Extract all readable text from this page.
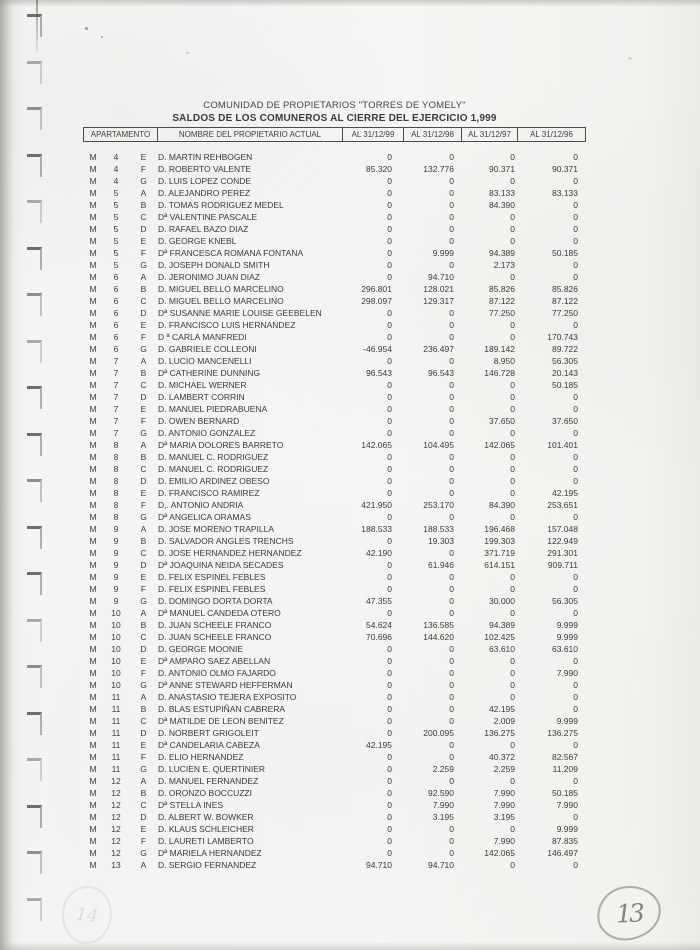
COMUNIDAD DE PROPIETARIOS "TORRES DE YOMELY"
SALDOS DE LOS COMUNEROS AL CIERRE DEL EJERCICIO 1,999
APARTAMENTO	NOMBRE DEL PROPIETARIO ACTUAL	AL 31/12/99	AL 31/12/98	AL 31/12/97	AL 31/12/96
M	4	E	D. MARTIN REHBOGEN	0	0	0	0
M	4	F	D. ROBERTO VALENTE	85.320	132.776	90.371	90.371
M	4	G	D. LUIS LOPEZ CONDE	0	0	0	0
M	5	A	D. ALEJANDRO PEREZ	0	0	83.133	83.133
M	5	B	D. TOMAS RODRIGUEZ MEDEL	0	0	84.390	0
M	5	C	Dª VALENTINE PASCALE	0	0	0	0
M	5	D	D. RAFAEL BAZO DIAZ	0	0	0	0
M	5	E	D. GEORGE KNEBL	0	0	0	0
M	5	F	Dª FRANCESCA ROMANA FONTANA	0	9.999	94.389	50.185
M	5	G	D. JOSEPH DONALD SMITH	0	0	2.173	0
M	6	A	D. JERONIMO JUAN DIAZ	0	94.710	0	0
M	6	B	D. MIGUEL BELLO MARCELINO	296.801	128.021	85.826	85.826
M	6	C	D. MIGUEL BELLO MARCELINO	298.097	129.317	87.122	87.122
M	6	D	Dª SUSANNE MARIE LOUISE GEEBELEN	0	0	77.250	77.250
M	6	E	D. FRANCISCO LUIS HERNANDEZ	0	0	0	0
M	6	F	D ª CARLA MANFREDI	0	0	0	170.743
M	6	G	D. GABRIELE COLLEONI	-46.954	236.497	189.142	89.722
M	7	A	D. LUCIO MANCENELLI	0	0	8.950	56.305
M	7	B	Dª CATHERINE DUNNING	96.543	96.543	146.728	20.143
M	7	C	D. MICHAEL WERNER	0	0	0	50.185
M	7	D	D. LAMBERT CORRIN	0	0	0	0
M	7	E	D. MANUEL PIEDRABUENA	0	0	0	0
M	7	F	D. OWEN BERNARD	0	0	37.650	37.650
M	7	G	D. ANTONIO GONZALEZ	0	0	0	0
M	8	A	Dª MARIA DOLORES BARRETO	142.065	104.495	142.065	101.401
M	8	B	D. MANUEL C. RODRIGUEZ	0	0	0	0
M	8	C	D. MANUEL C. RODRIGUEZ	0	0	0	0
M	8	D	D. EMILIO ARDINEZ OBESO	0	0	0	0
M	8	E	D. FRANCISCO RAMIREZ	0	0	0	42.195
M	8	F	D,. ANTONIO ANDRIA	421.950	253.170	84.390	253.651
M	8	G	Dª ANGELICA ORAMAS	0	0	0	0
M	9	A	D. JOSE MORENO TRAPILLA	188.533	188.533	196.468	157.048
M	9	B	D. SALVADOR ANGLES TRENCHS	0	19.303	199.303	122.949
M	9	C	D. JOSE HERNANDEZ HERNANDEZ	42.190	0	371.719	291.301
M	9	D	Dª JOAQUINA NEIDA SECADES	0	61.946	614.151	909.711
M	9	E	D. FELIX ESPINEL FEBLES	0	0	0	0
M	9	F	D. FELIX ESPINEL FEBLES	0	0	0	0
M	9	G	D. DOMINGO DORTA DORTA	47.355	0	30.000	56.305
M	10	A	Dª MANUEL CANDEDA OTERO	0	0	0	0
M	10	B	D. JUAN SCHEELE FRANCO	54.624	136.585	94.389	9.999
M	10	C	D. JUAN SCHEELE FRANCO	70.696	144.620	102.425	9.999
M	10	D	D. GEORGE MOONIE	0	0	63.610	63.610
M	10	E	Dª AMPARO SAEZ ABELLAN	0	0	0	0
M	10	F	D. ANTONIO OLMO FAJARDO	0	0	0	7.990
M	10	G	Dª ANNE STEWARD HEFFERMAN	0	0	0	0
M	11	A	D. ANASTASIO TEJERA EXPOSITO	0	0	0	0
M	11	B	D. BLAS ESTUPIÑAN CABRERA	0	0	42.195	0
M	11	C	Dª MATILDE DE LEON BENITEZ	0	0	2.009	9.999
M	11	D	D. NORBERT GRIGOLEIT	0	200.095	136.275	136.275
M	11	E	Dª CANDELARIA CABEZA	42.195	0	0	0
M	11	F	D. ELIO HERNANDEZ	0	0	40.372	82.567
M	11	G	D. LUCIEN E. QUERTINIER	0	2.259	2.259	11.209
M	12	A	D. MANUEL FERNANDEZ	0	0	0	0
M	12	B	D. ORONZO BOCCUZZI	0	92.590	7.990	50.185
M	12	C	Dª STELLA INES	0	7.990	7.990	7.990
M	12	D	D. ALBERT W. BOWKER	0	3.195	3.195	0
M	12	E	D. KLAUS SCHLEICHER	0	0	0	9.999
M	12	F	D. LAURETI LAMBERTO	0	0	7.990	87.835
M	12	G	Dª MARIELA HERNANDEZ	0	0	142.065	146.497
M	13	A	D. SERGIO FERNANDEZ	94.710	94.710	0	0
13
14
